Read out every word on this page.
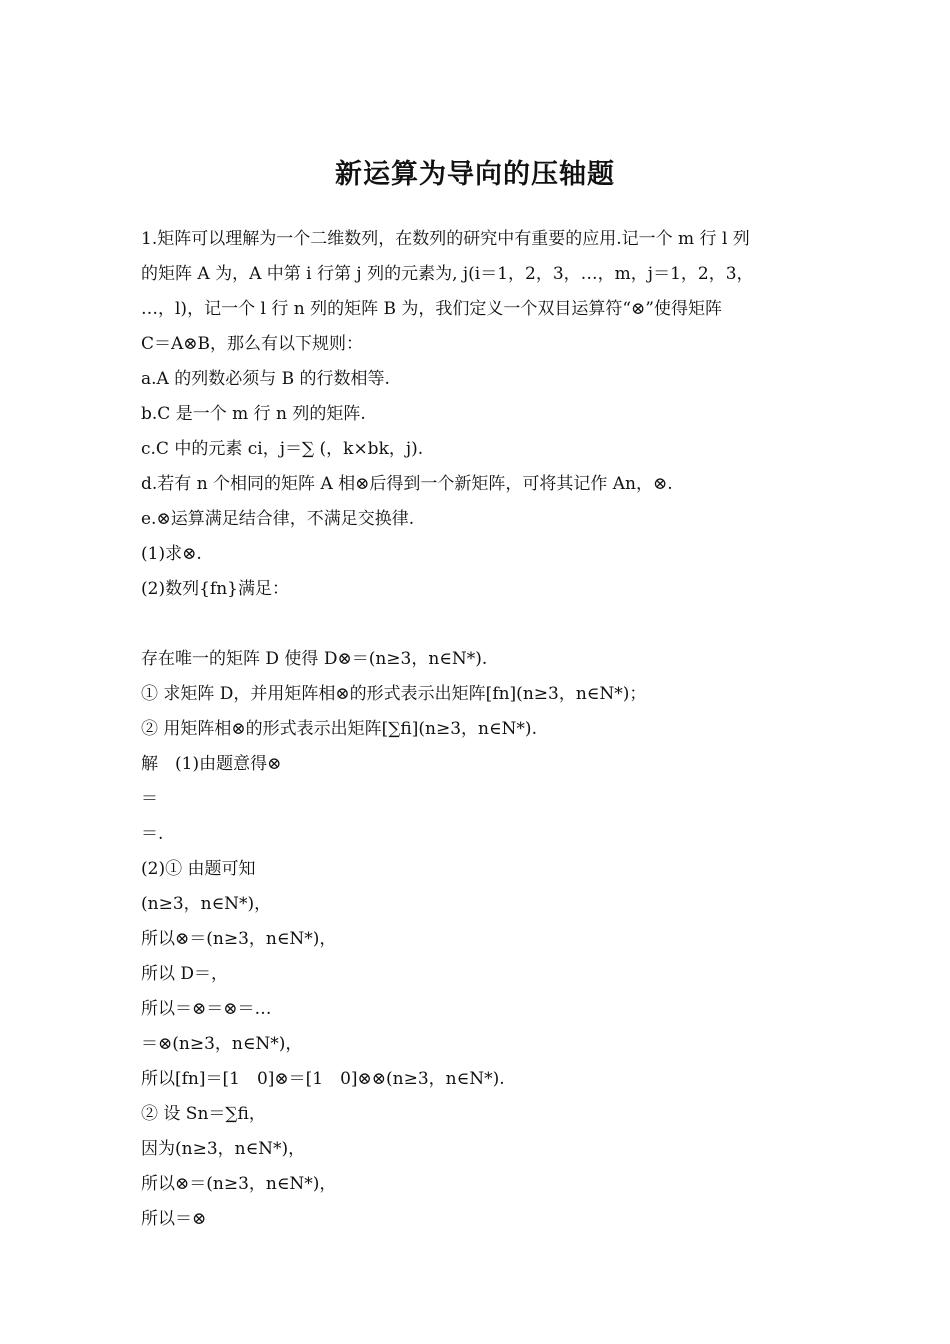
新运算为导向的压轴题
1.矩阵可以理解为一个二维数列，在数列的研究中有重要的应用.记一个 m 行 l 列
的矩阵 A 为，A 中第 i 行第 j 列的元素为, j(i＝1，2，3，…，m，j＝1，2，3，
…，l)，记一个 l 行 n 列的矩阵 B 为，我们定义一个双目运算符“⊗”使得矩阵
C＝A⊗B，那么有以下规则：
a.A 的列数必须与 B 的行数相等.
b.C 是一个 m 行 n 列的矩阵.
c.C 中的元素 ci，j＝∑ (，k×bk，j).
d.若有 n 个相同的矩阵 A 相⊗后得到一个新矩阵，可将其记作 An，⊗.
e.⊗运算满足结合律，不满足交换律.
(1)求⊗.
(2)数列{fn}满足：
存在唯一的矩阵 D 使得 D⊗＝(n≥3，n∈N*).
① 求矩阵 D，并用矩阵相⊗的形式表示出矩阵[fn](n≥3，n∈N*)；
② 用矩阵相⊗的形式表示出矩阵[∑fi](n≥3，n∈N*).
解　(1)由题意得⊗
＝
＝.
(2)① 由题可知
(n≥3，n∈N*)，
所以⊗＝(n≥3，n∈N*)，
所以 D＝，
所以＝⊗＝⊗＝…
＝⊗(n≥3，n∈N*)，
所以[fn]＝[1　0]⊗＝[1　0]⊗⊗(n≥3，n∈N*).
② 设 Sn＝∑fi，
因为(n≥3，n∈N*)，
所以⊗＝(n≥3，n∈N*)，
所以＝⊗
